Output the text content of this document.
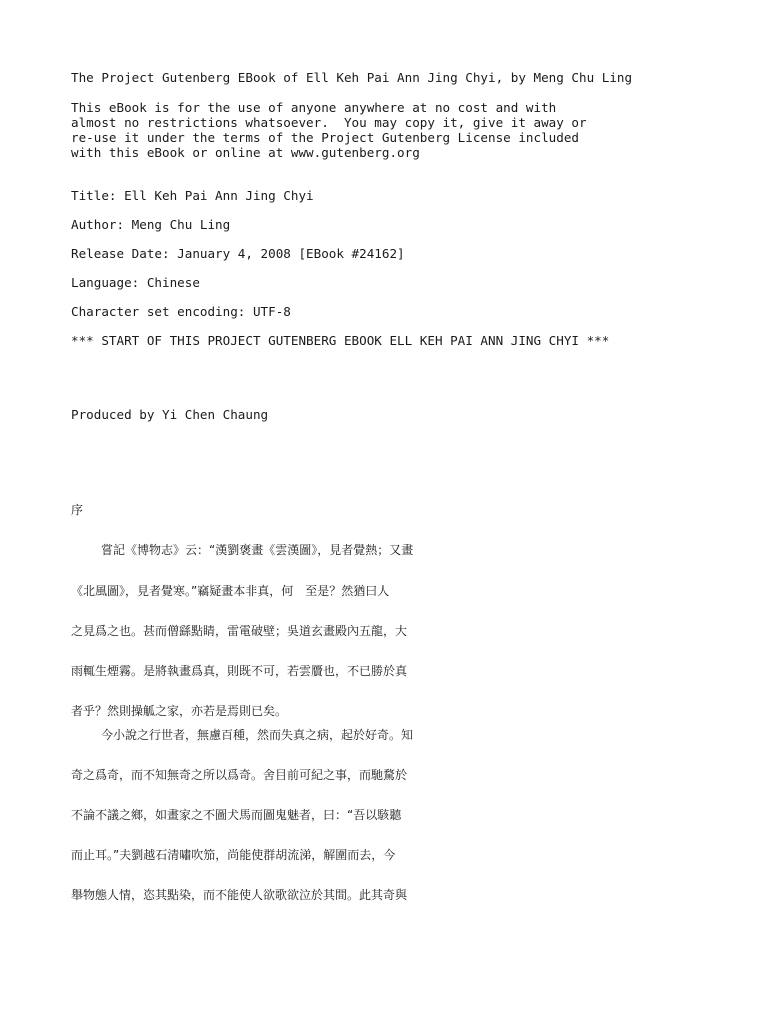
The Project Gutenberg EBook of Ell Keh Pai Ann Jing Chyi, by Meng Chu Ling

This eBook is for the use of anyone anywhere at no cost and with

almost no restrictions whatsoever.  You may copy it, give it away or

re-use it under the terms of the Project Gutenberg License included

with this eBook or online at www.gutenberg.org

Title: Ell Keh Pai Ann Jing Chyi

Author: Meng Chu Ling

Release Date: January 4, 2008 [EBook #24162]

Language: Chinese

Character set encoding: UTF-8

*** START OF THIS PROJECT GUTENBERG EBOOK ELL KEH PAI ANN JING CHYI ***

Produced by Yi Chen Chaung

序

嘗記《博物志》云：“漢劉褒畫《雲漢圖》，見者覺熱；又畫

《北風圖》，見者覺寒。”竊疑畫本非真，何　至是？然猶曰人

之見爲之也。甚而僧繇點睛，雷電破壁；吳道玄畫殿內五龍，大

雨輒生煙霧。是將執畫爲真，則既不可，若雲贗也，不已勝於真

者乎？然則操觚之家，亦若是焉則已矣。

今小說之行世者，無慮百種，然而失真之病，起於好奇。知

奇之爲奇，而不知無奇之所以爲奇。舍目前可紀之事，而馳騖於

不論不議之鄉，如畫家之不圖犬馬而圖鬼魅者，曰：“吾以駭聽

而止耳。”夫劉越石清嘯吹笳，尚能使群胡流涕，解圍而去，今

舉物態人情，恣其點染，而不能使人欲歌欲泣於其間。此其奇與
